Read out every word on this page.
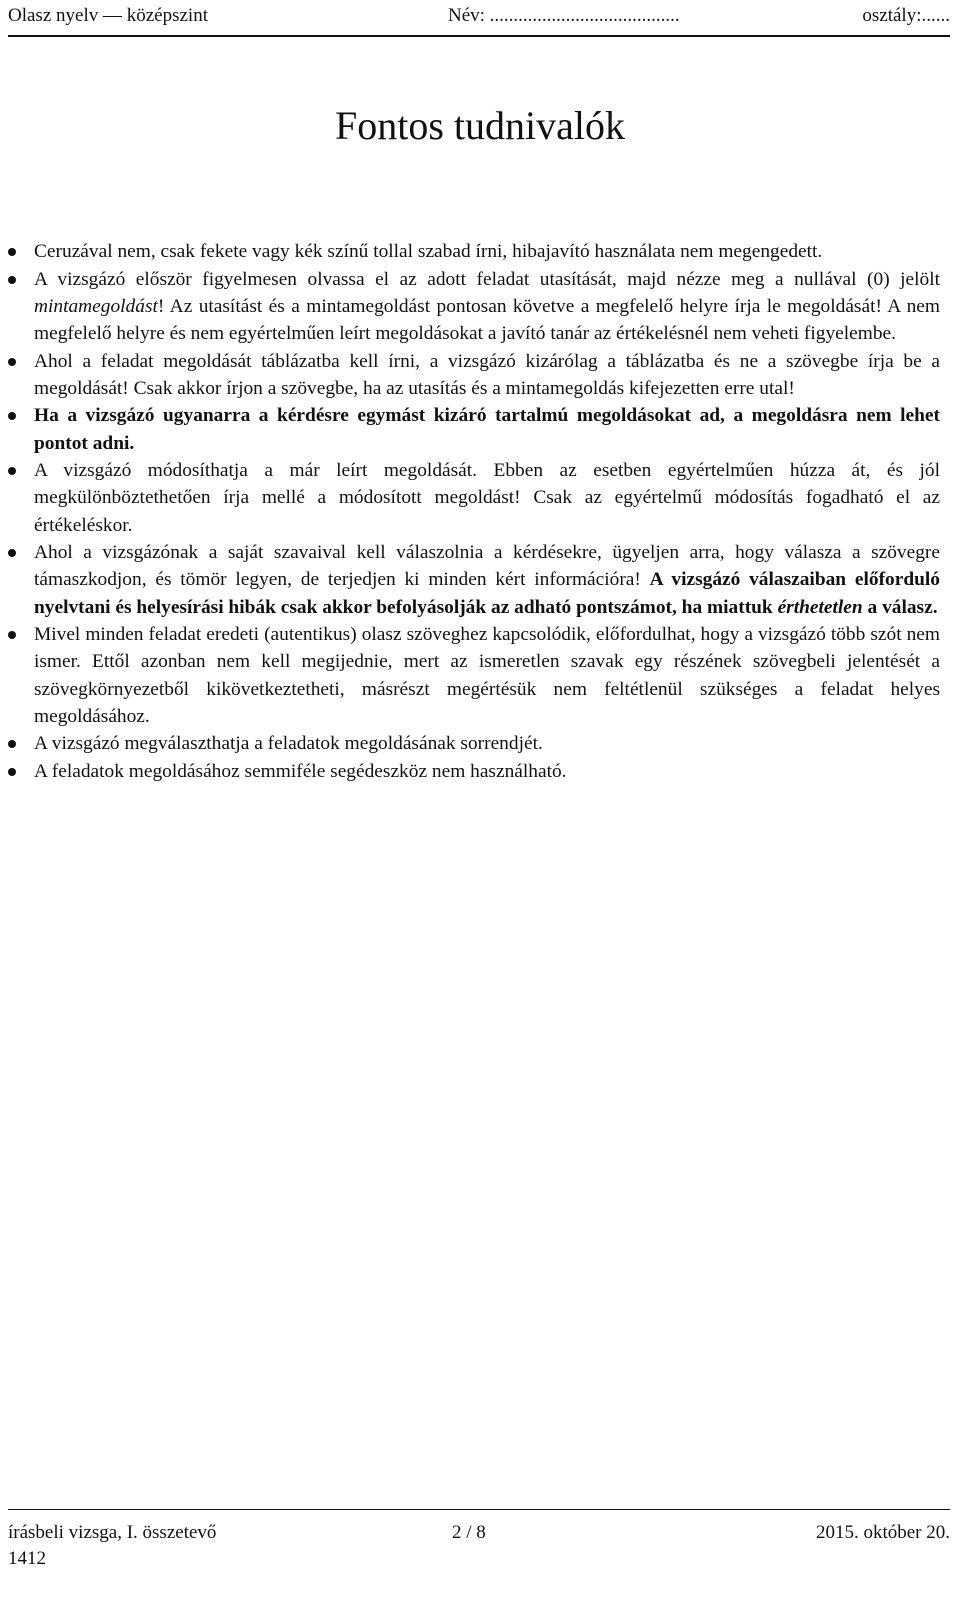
Olasz nyelv — középszint	Név: ........................................	osztály:......
Fontos tudnivalók
Ceruzával nem, csak fekete vagy kék színű tollal szabad írni, hibajavító használata nem megengedett.
A vizsgázó először figyelmesen olvassa el az adott feladat utasítását, majd nézze meg a nullával (0) jelölt mintamegoldást! Az utasítást és a mintamegoldást pontosan követve a megfelelő helyre írja le megoldását! A nem megfelelő helyre és nem egyértelműen leírt megoldásokat a javító tanár az értékelésnél nem veheti figyelembe.
Ahol a feladat megoldását táblázatba kell írni, a vizsgázó kizárólag a táblázatba és ne a szövegbe írja be a megoldását! Csak akkor írjon a szövegbe, ha az utasítás és a mintamegoldás kifejezetten erre utal!
Ha a vizsgázó ugyanarra a kérdésre egymást kizáró tartalmú megoldásokat ad, a megoldásra nem lehet pontot adni.
A vizsgázó módosíthatja a már leírt megoldását. Ebben az esetben egyértelműen húzza át, és jól megkülönböztethetően írja mellé a módosított megoldást! Csak az egyértelmű módosítás fogadható el az értékeléskor.
Ahol a vizsgázónak a saját szavaival kell válaszolnia a kérdésekre, ügyeljen arra, hogy válasza a szövegre támaszkodjon, és tömör legyen, de terjedjen ki minden kért információra! A vizsgázó válaszaiban előforduló nyelvtani és helyesírási hibák csak akkor befolyásolják az adható pontszámot, ha miattuk érthetetlen a válasz.
Mivel minden feladat eredeti (autentikus) olasz szöveghez kapcsolódik, előfordulhat, hogy a vizsgázó több szót nem ismer. Ettől azonban nem kell megijednie, mert az ismeretlen szavak egy részének szövegbeli jelentését a szövegkörnyezetből kikövetkeztetheti, másrészt megértésük nem feltétlenül szükséges a feladat helyes megoldásához.
A vizsgázó megválaszthatja a feladatok megoldásának sorrendjét.
A feladatok megoldásához semmiféle segédeszköz nem használható.
írásbeli vizsga, I. összetevő	2 / 8	2015. október 20.
1412
